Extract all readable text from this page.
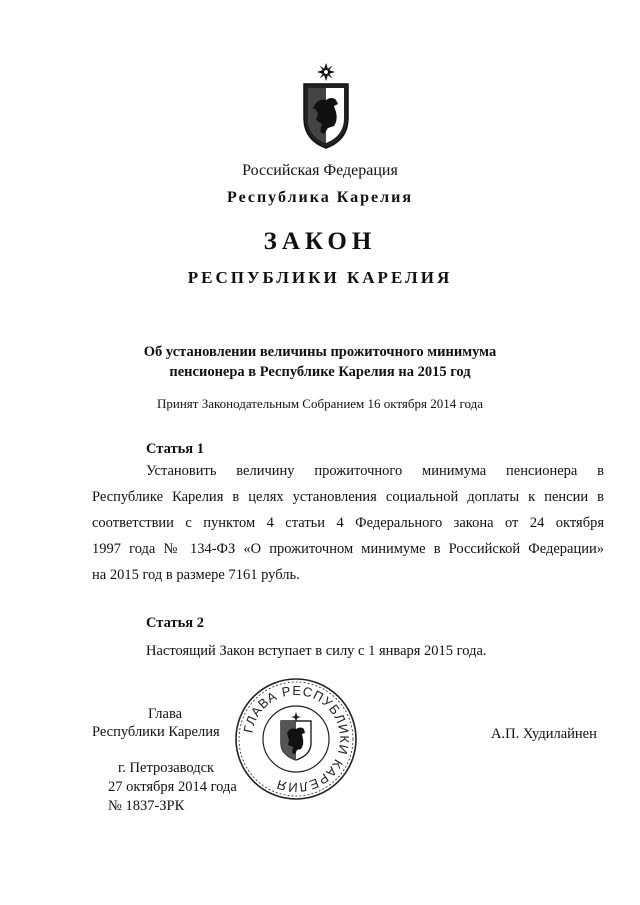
Российская Федерация
Республика Карелия
ЗАКОН
РЕСПУБЛИКИ КАРЕЛИЯ
Об установлении величины прожиточного минимума
пенсионера в Республике Карелия на 2015 год
Принят Законодательным Собранием 16 октября 2014 года
Статья 1
Установить величину прожиточного минимума пенсионера в
Республике Карелия в целях установления социальной доплаты к пенсии в
соответствии с пунктом 4 статьи 4 Федерального закона от 24 октября
1997 года № 134-ФЗ «О прожиточном минимуме в Российской Федерации»
на 2015 год в размере 7161 рубль.
Статья 2
Настоящий Закон вступает в силу с 1 января 2015 года.
Глава
Республики Карелия	А.П. Худилайнен
г. Петрозаводск
27 октября 2014 года
№ 1837-ЗРК
ГЛАВА РЕСПУБЛИКИ КАРЕЛИЯ
